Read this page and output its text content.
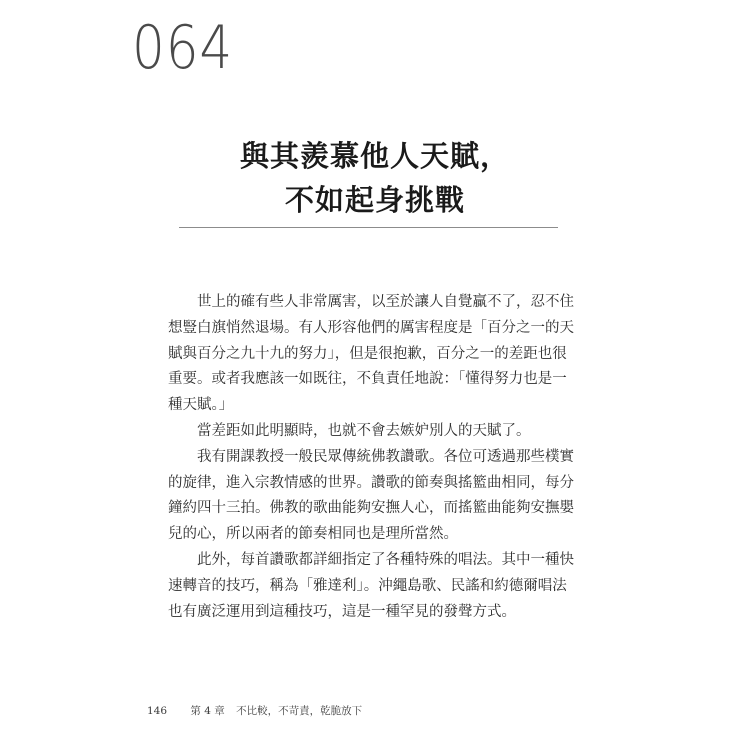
064
與其羨慕他人天賦，
不如起身挑戰
世上的確有些人非常厲害，以至於讓人自覺贏不了，忍不住
想豎白旗悄然退場。有人形容他們的厲害程度是「百分之一的天
賦與百分之九十九的努力」，但是很抱歉，百分之一的差距也很
重要。或者我應該一如既往，不負責任地說：「懂得努力也是一
種天賦。」
當差距如此明顯時，也就不會去嫉妒別人的天賦了。
我有開課教授一般民眾傳統佛教讚歌。各位可透過那些樸實
的旋律，進入宗教情感的世界。讚歌的節奏與搖籃曲相同，每分
鐘約四十三拍。佛教的歌曲能夠安撫人心，而搖籃曲能夠安撫嬰
兒的心，所以兩者的節奏相同也是理所當然。
此外，每首讚歌都詳細指定了各種特殊的唱法。其中一種快
速轉音的技巧，稱為「雅達利」。沖繩島歌、民謠和約德爾唱法
也有廣泛運用到這種技巧，這是一種罕見的發聲方式。
146 第 4 章 不比較，不苛責，乾脆放下
